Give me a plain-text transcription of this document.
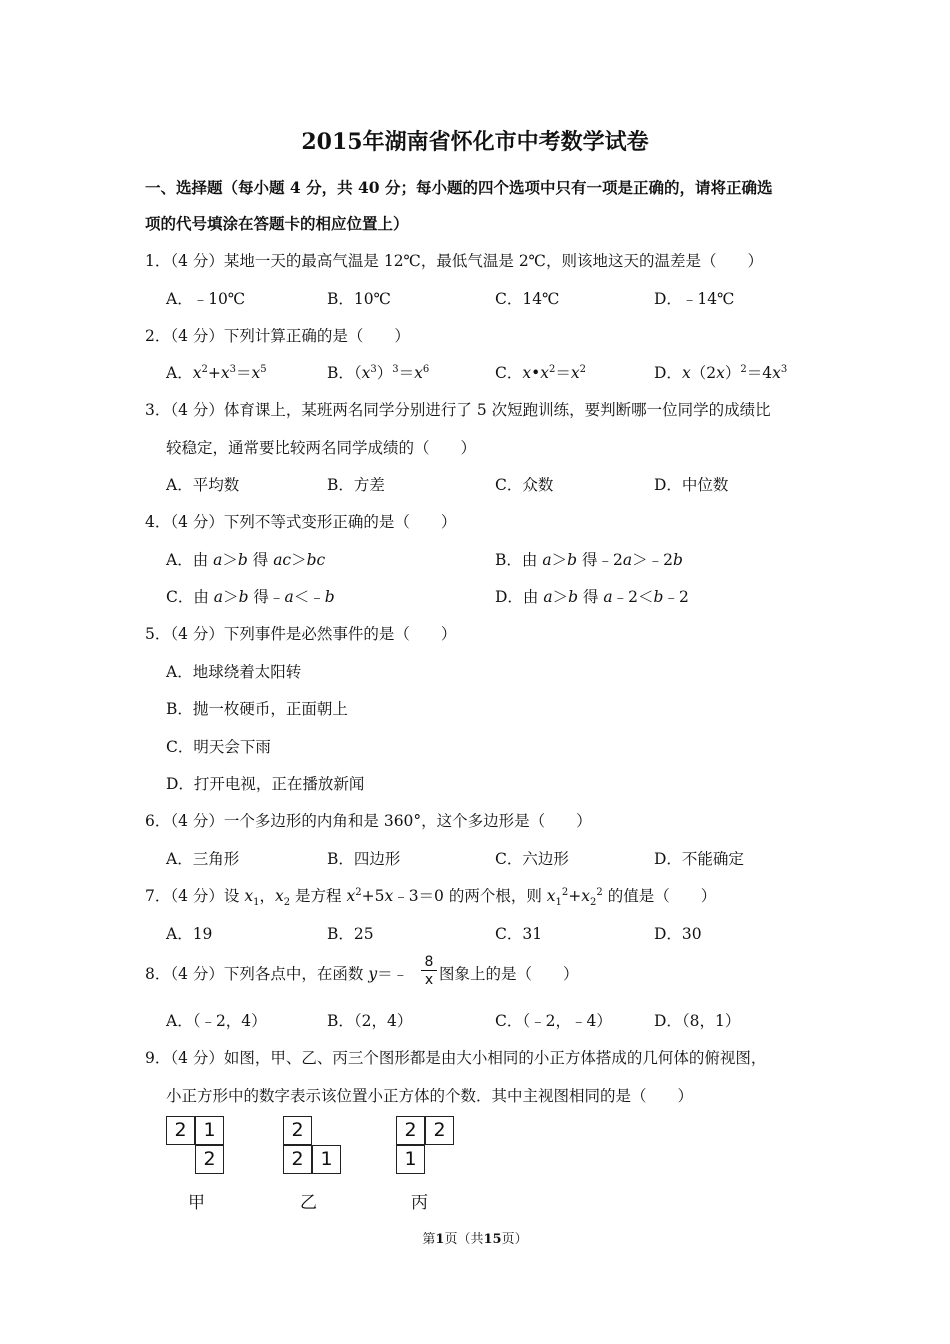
2015年湖南省怀化市中考数学试卷
一、选择题（每小题 4 分，共 40 分；每小题的四个选项中只有一项是正确的，请将正确选
项的代号填涂在答题卡的相应位置上）
1．（4 分）某地一天的最高气温是 12℃，最低气温是 2℃，则该地这天的温差是（　　）
A．﹣10℃	B．10℃	C．14℃	D．﹣14℃
2．（4 分）下列计算正确的是（　　）
A．$x^2+x^3=x^5$	B．$(x^3)^3=x^6$	C．$x•x^2=x^2$	D．$x(2x)^2=4x^3$
3．（4 分）体育课上，某班两名同学分别进行了 5 次短跑训练，要判断哪一位同学的成绩比
较稳定，通常要比较两名同学成绩的（　　）
A．平均数	B．方差	C．众数	D．中位数
4．（4 分）下列不等式变形正确的是（　　）
A．由 a＞b 得 ac＞bc	B．由 a＞b 得﹣2a＞﹣2b
C．由 a＞b 得﹣a＜﹣b	D．由 a＞b 得 a﹣2＜b﹣2
5．（4 分）下列事件是必然事件的是（　　）
A．地球绕着太阳转
B．抛一枚硬币，正面朝上
C．明天会下雨
D．打开电视，正在播放新闻
6．（4 分）一个多边形的内角和是 360°，这个多边形是（　　）
A．三角形	B．四边形	C．六边形	D．不能确定
7．（4 分）设 $x_1$，$x_2$ 是方程 $x^2+5x﹣3=0$ 的两个根，则 $x_1^2+x_2^2$ 的值是（　　）
A．19	B．25	C．31	D．30
8．（4 分）下列各点中，在函数 y＝﹣ $\frac{8}{x}$ 图象上的是（　　）
A．（﹣2，4）	B．（2，4）	C．（﹣2，﹣4）	D．（8，1）
9．（4 分）如图，甲、乙、丙三个图形都是由大小相同的小正方体搭成的几何体的俯视图，
小正方形中的数字表示该位置小正方体的个数．其中主视图相同的是（　　）
2 1
2
甲
2
2 1
乙
2 2
1
丙
第1页（共15页）
